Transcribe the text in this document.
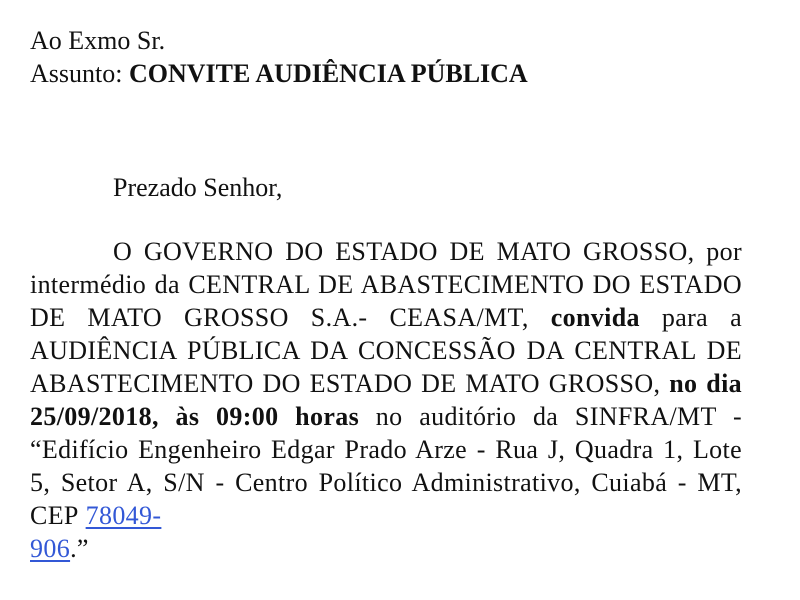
Ao Exmo Sr.

Assunto: CONVITE AUDIÊNCIA PÚBLICA

Prezado Senhor,

O GOVERNO DO ESTADO DE MATO GROSSO, por intermédio da CENTRAL DE ABASTECIMENTO DO ESTADO DE MATO GROSSO S.A.- CEASA/MT, convida para a AUDIÊNCIA PÚBLICA DA CONCESSÃO DA CENTRAL DE ABASTECIMENTO DO ESTADO DE MATO GROSSO, no dia 25/09/2018, às 09:00 horas no auditório da SINFRA/MT - “Edifício Engenheiro Edgar Prado Arze - Rua J, Quadra 1, Lote 5, Setor A, S/N - Centro Político Administrativo, Cuiabá - MT, CEP 78049-
906.”
